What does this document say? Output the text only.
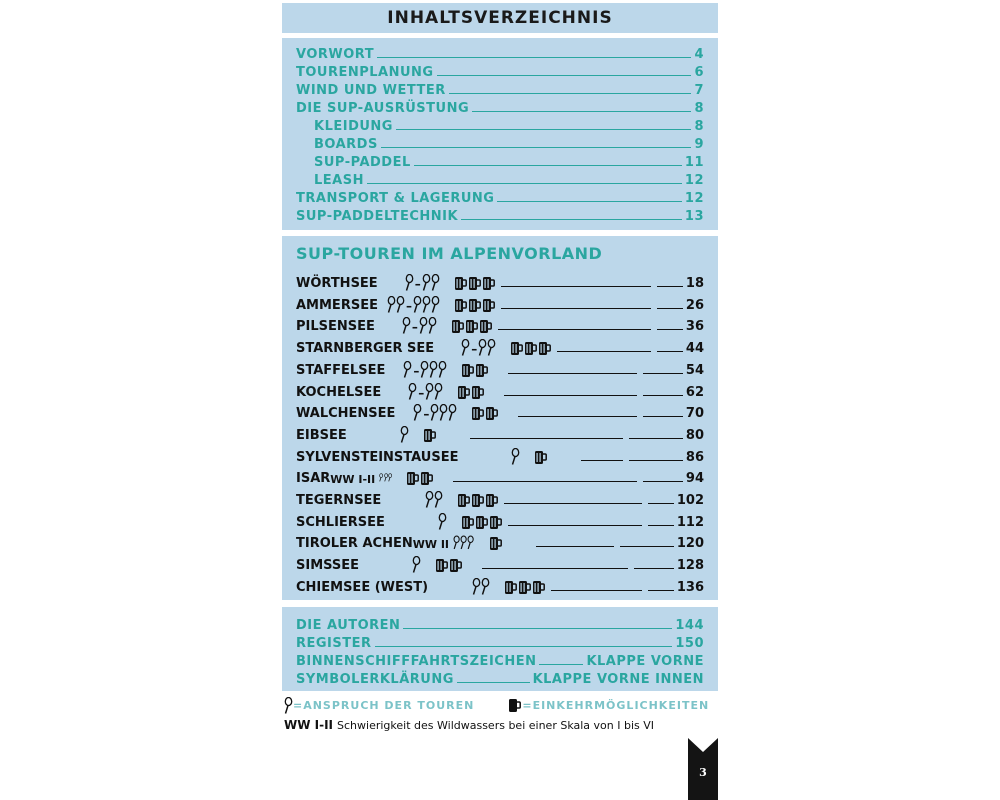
INHALTSVERZEICHNIS
VORWORT	4
TOURENPLANUNG	6
WIND UND WETTER	7
DIE SUP-AUSRÜSTUNG	8
KLEIDUNG	8
BOARDS	9
SUP-PADDEL	11
LEASH	12
TRANSPORT & LAGERUNG	12
SUP-PADDELTECHNIK	13
SUP-TOUREN IM ALPENVORLAND
WÖRTHSEE	–	18
AMMERSEE –	26
PILSENSEE	–	36
STARNBERGER SEE	–	44
STAFFELSEE –	54
KOCHELSEE	–	62
WALCHENSEE –	70
EIBSEE	80
SYLVENSTEINSTAUSEE	86
ISAR WW I-II	94
TEGERNSEE	102
SCHLIERSEE	112
TIROLER ACHEN WW II	120
SIMSSEE	128
CHIEMSEE (WEST)	136
DIE AUTOREN	144
REGISTER	150
BINNENSCHIFFFAHRTSZEICHEN	KLAPPE VORNE
SYMBOLERKLÄRUNG	KLAPPE VORNE INNEN
=ANSPRUCH DER TOUREN	=EINKEHRMÖGLICHKEITEN
WW I-II Schwierigkeit des Wildwassers bei einer Skala von I bis VI
3
